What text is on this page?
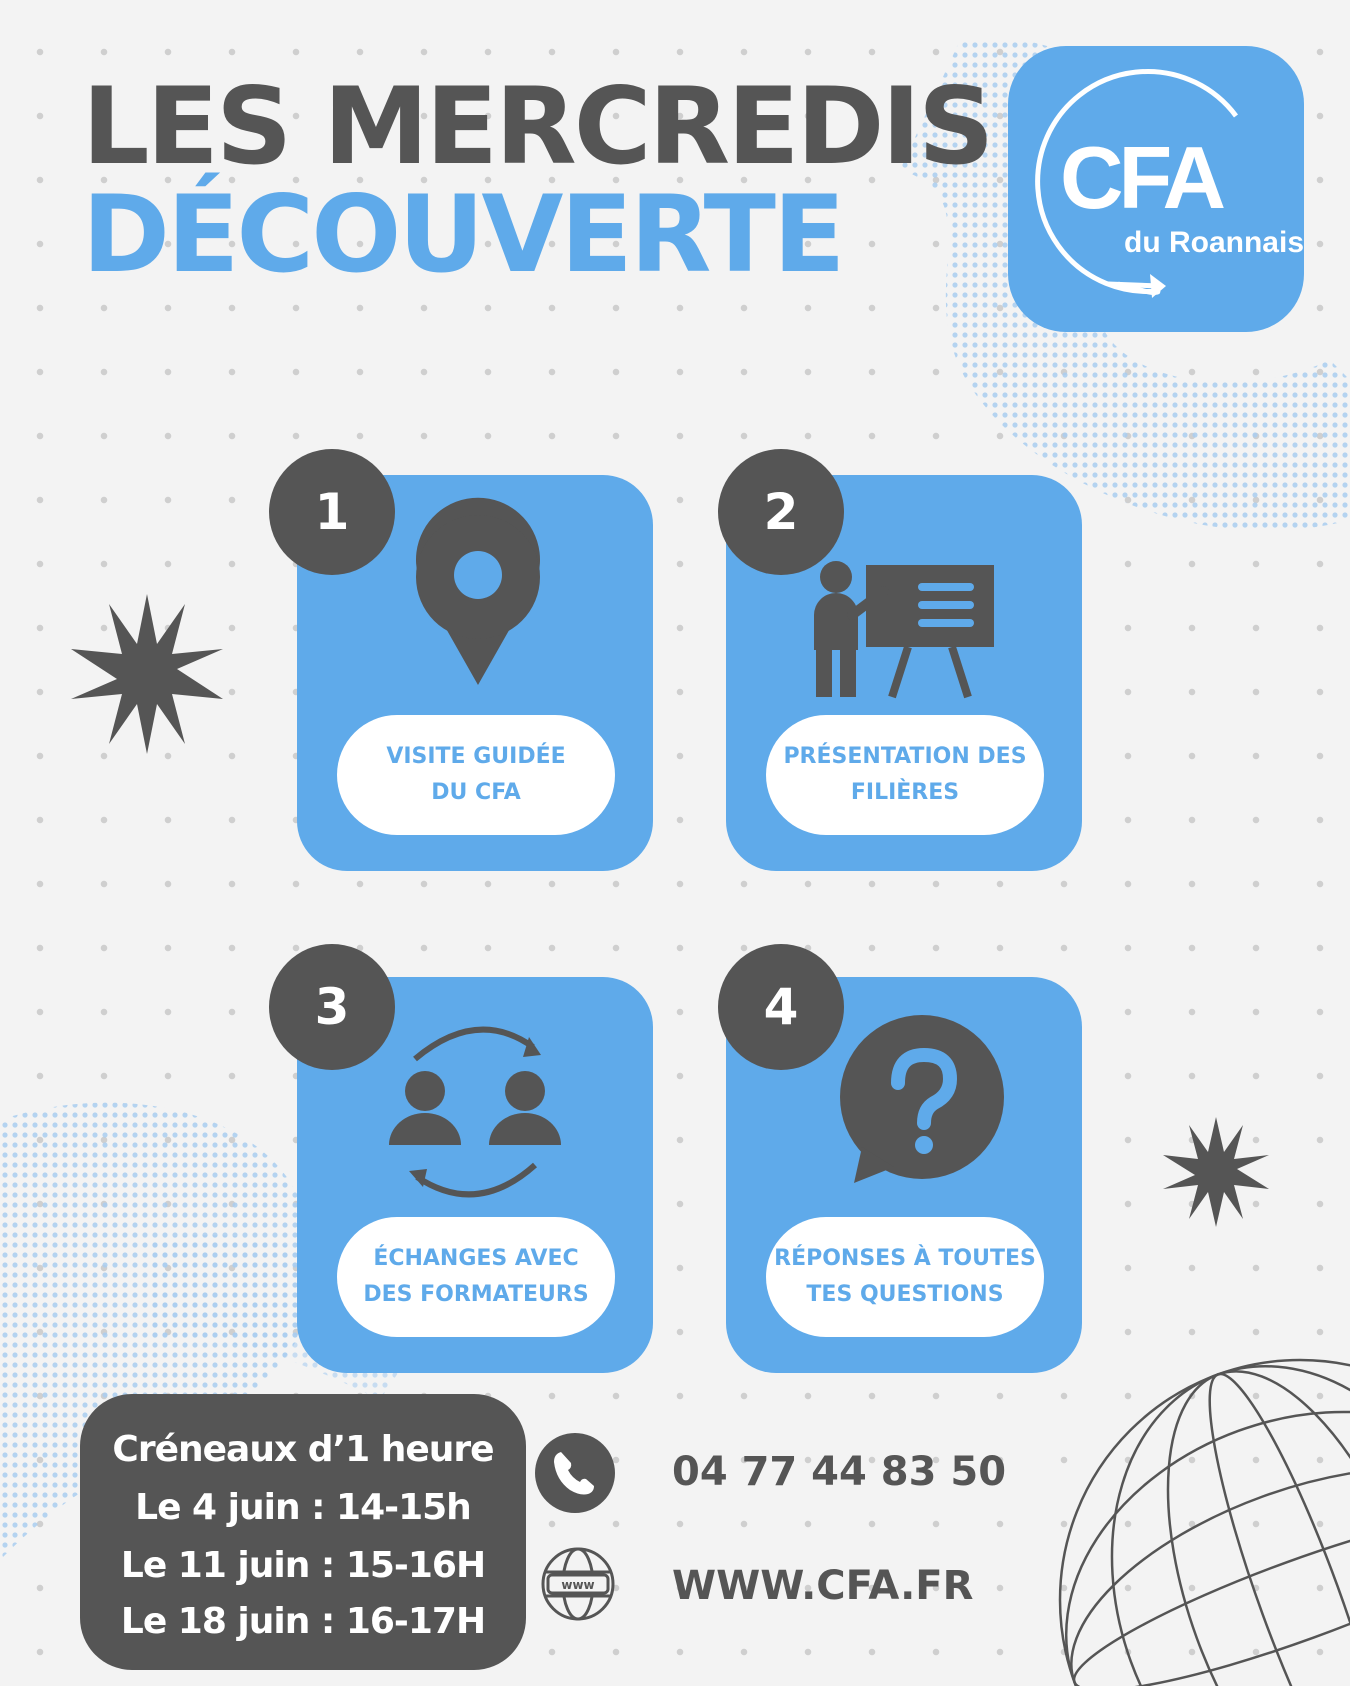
LES MERCREDIS
DÉCOUVERTE CFA
du Roannais
VISITE GUIDÉE
DU CFA
1
PRÉSENTATION DES
FILIÈRES
2
ÉCHANGES AVEC
DES FORMATEURS
3
RÉPONSES À TOUTES
TES QUESTIONS
4
Créneaux d’1 heure
Le 4 juin : 14-15h
Le 11 juin : 15-16H
Le 18 juin : 16-17H
04 77 44 83 50
www WWW.CFA.FR
